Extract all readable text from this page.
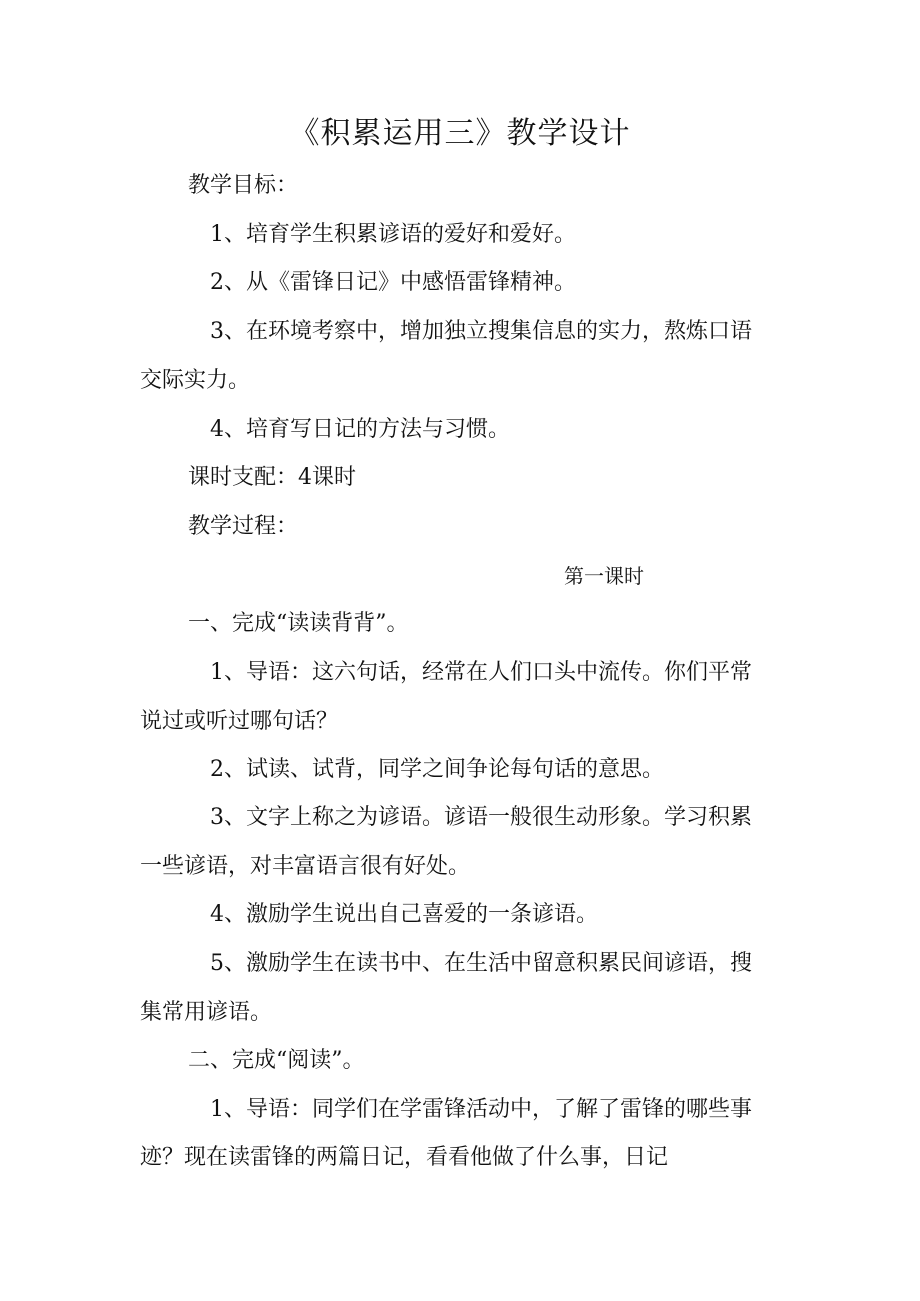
《积累运用三》教学设计
教学目标：
1、培育学生积累谚语的爱好和爱好。
2、从《雷锋日记》中感悟雷锋精神。
3、在环境考察中，增加独立搜集信息的实力，熬炼口语
交际实力。
4、培育写日记的方法与习惯。
课时支配：4课时
教学过程：
第一课时
一、完成“读读背背”。
1、导语：这六句话，经常在人们口头中流传。你们平常
说过或听过哪句话？
2、试读、试背，同学之间争论每句话的意思。
3、文字上称之为谚语。谚语一般很生动形象。学习积累
一些谚语，对丰富语言很有好处。
4、激励学生说出自己喜爱的一条谚语。
5、激励学生在读书中、在生活中留意积累民间谚语，搜
集常用谚语。
二、完成“阅读”。
1、导语：同学们在学雷锋活动中，了解了雷锋的哪些事
迹？现在读雷锋的两篇日记，看看他做了什么事，日记
